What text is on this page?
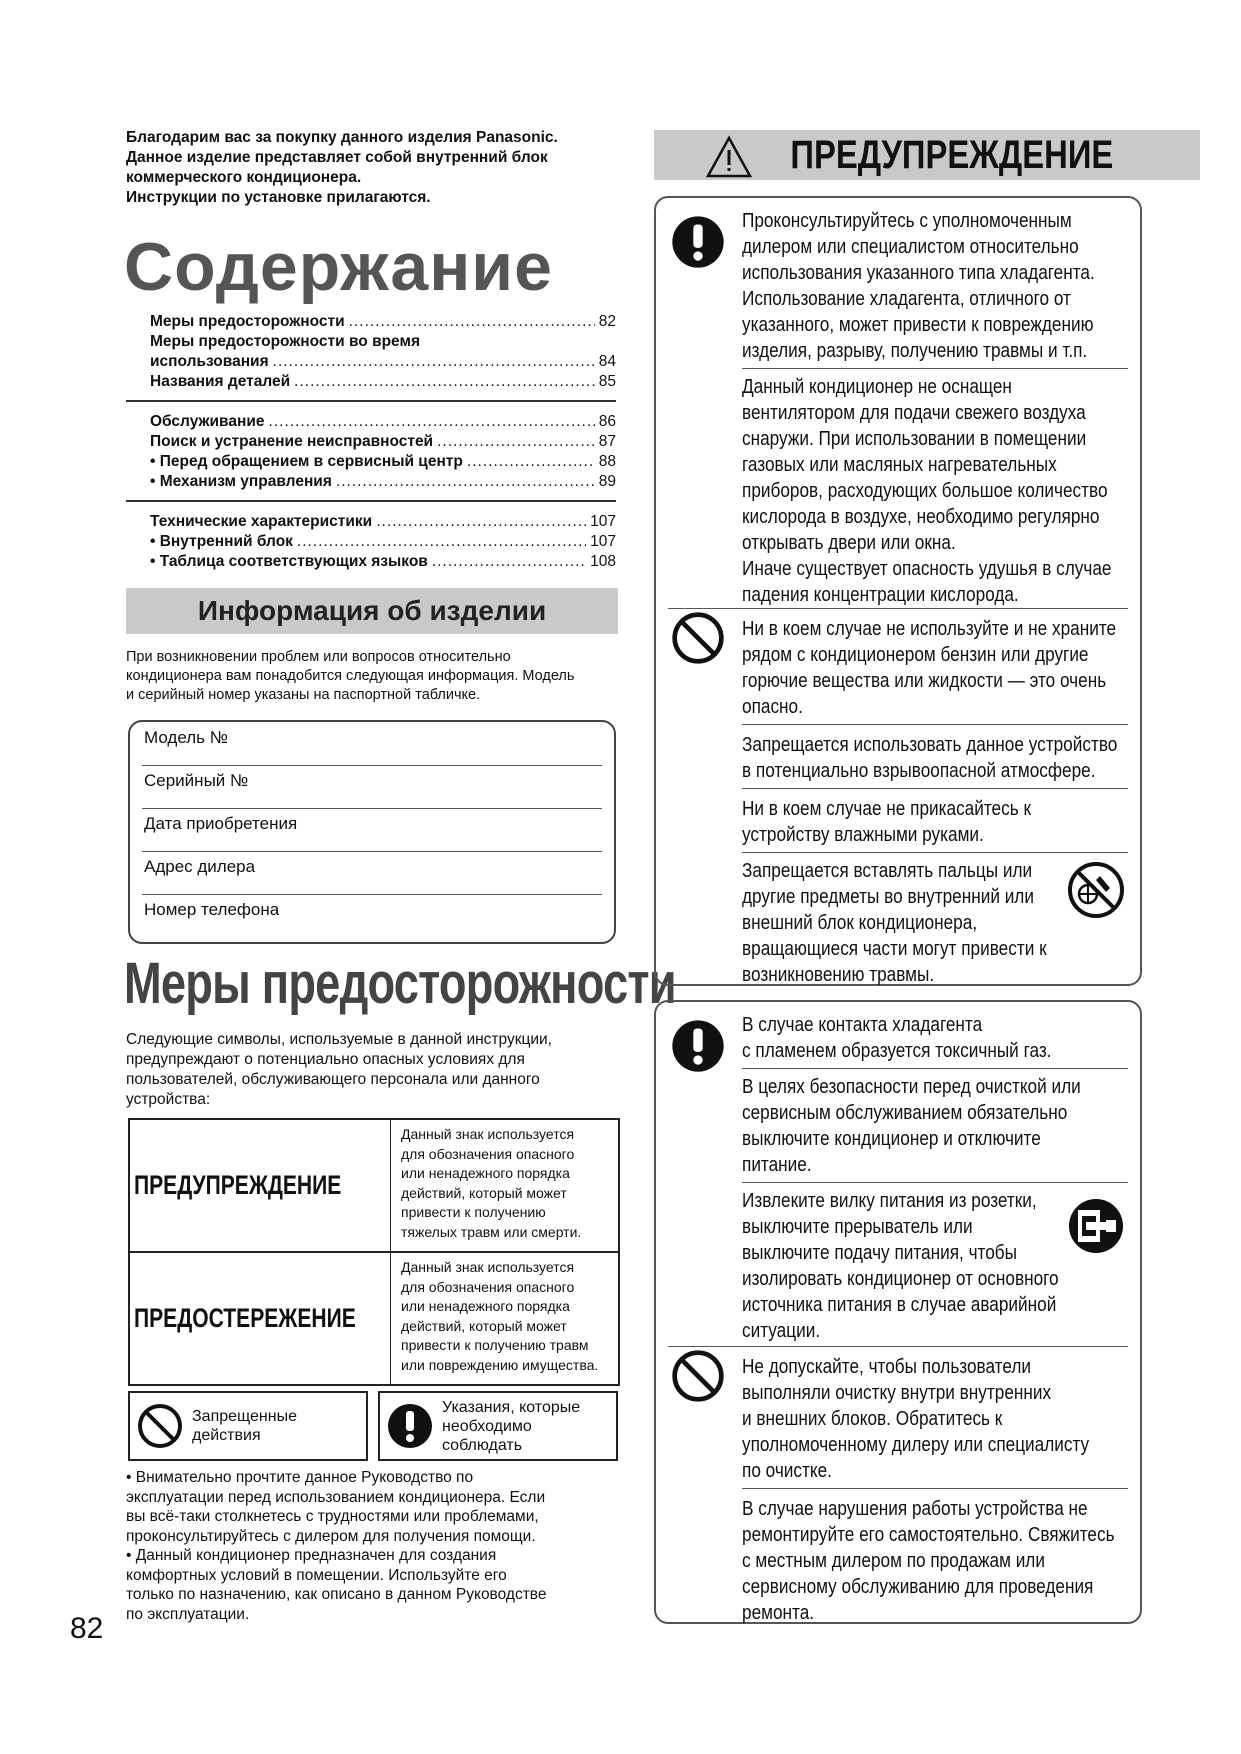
Благодарим вас за покупку данного изделия Panasonic.
Данное изделие представляет собой внутренний блок
коммерческого кондиционера.
Инструкции по установке прилагаются.
Содержание
Меры предосторожности .....	82
Меры предосторожности во время
использования .....	84
Названия деталей .....	85
Обслуживание .....	86
Поиск и устранение неисправностей .....	87
• Перед обращением в сервисный центр .....	88
• Механизм управления .....	89
Технические характеристики .....	107
• Внутренний блок .....	107
• Таблица соответствующих языков .....	108
Информация об изделии
При возникновении проблем или вопросов относительно
кондиционера вам понадобится следующая информация. Модель
и серийный номер указаны на паспортной табличке.
Модель №
Серийный №
Дата приобретения
Адрес дилера
Номер телефона
Меры предосторожности
Следующие символы, используемые в данной инструкции,
предупреждают о потенциально опасных условиях для
пользователей, обслуживающего персонала или данного
устройства:
ПРЕДУПРЕЖДЕНИЕ
Данный знак используется
для обозначения опасного
или ненадежного порядка
действий, который может
привести к получению
тяжелых травм или смерти.
ПРЕДОСТЕРЕЖЕНИЕ
Данный знак используется
для обозначения опасного
или ненадежного порядка
действий, который может
привести к получению травм
или повреждению имущества.
Запрещенные
действия
Указания, которые
необходимо
соблюдать
• Внимательно прочтите данное Руководство по
эксплуатации перед использованием кондиционера. Если
вы всё-таки столкнетесь с трудностями или проблемами,
проконсультируйтесь с дилером для получения помощи.
• Данный кондиционер предназначен для создания
комфортных условий в помещении. Используйте его
только по назначению, как описано в данном Руководстве
по эксплуатации.
82
ПРЕДУПРЕЖДЕНИЕ
Проконсультируйтесь с уполномоченным
дилером или специалистом относительно
использования указанного типа хладагента.
Использование хладагента, отличного от
указанного, может привести к повреждению
изделия, разрыву, получению травмы и т.п.
Данный кондиционер не оснащен
вентилятором для подачи свежего воздуха
снаружи. При использовании в помещении
газовых или масляных нагревательных
приборов, расходующих большое количество
кислорода в воздухе, необходимо регулярно
открывать двери или окна.
Иначе существует опасность удушья в случае
падения концентрации кислорода.
Ни в коем случае не используйте и не храните
рядом с кондиционером бензин или другие
горючие вещества или жидкости — это очень
опасно.
Запрещается использовать данное устройство
в потенциально взрывоопасной атмосфере.
Ни в коем случае не прикасайтесь к
устройству влажными руками.
Запрещается вставлять пальцы или
другие предметы во внутренний или
внешний блок кондиционера,
вращающиеся части могут привести к
возникновению травмы.
В случае контакта хладагента
с пламенем образуется токсичный газ.
В целях безопасности перед очисткой или
сервисным обслуживанием обязательно
выключите кондиционер и отключите
питание.
Извлеките вилку питания из розетки,
выключите прерыватель или
выключите подачу питания, чтобы
изолировать кондиционер от основного
источника питания в случае аварийной
ситуации.
Не допускайте, чтобы пользователи
выполняли очистку внутри внутренних
и внешних блоков. Обратитесь к
уполномоченному дилеру или специалисту
по очистке.
В случае нарушения работы устройства не
ремонтируйте его самостоятельно. Свяжитесь
с местным дилером по продажам или
сервисному обслуживанию для проведения
ремонта.
